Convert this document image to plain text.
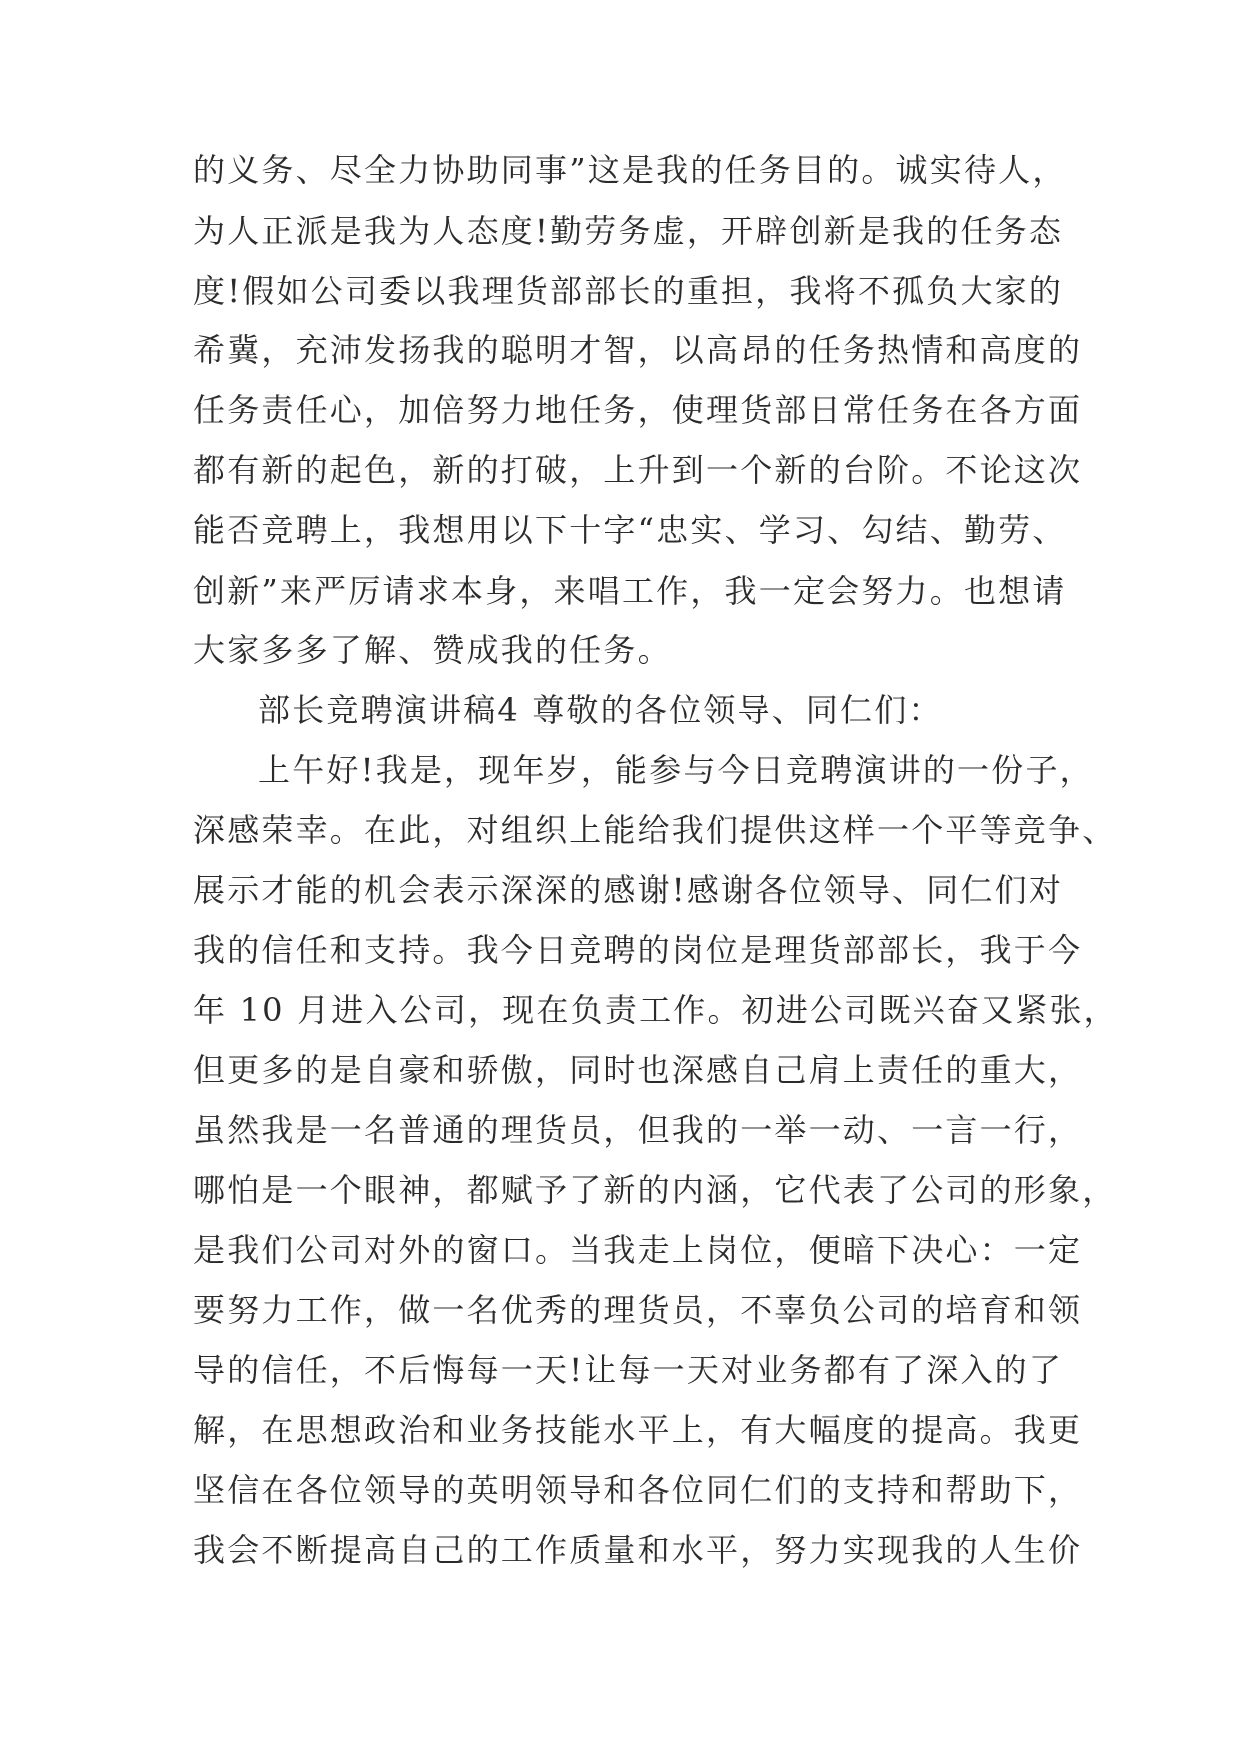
的义务、尽全力协助同事”这是我的任务目的。诚实待人，
为人正派是我为人态度!勤劳务虚，开辟创新是我的任务态
度!假如公司委以我理货部部长的重担，我将不孤负大家的
希冀，充沛发扬我的聪明才智，以高昂的任务热情和高度的
任务责任心，加倍努力地任务，使理货部日常任务在各方面
都有新的起色，新的打破，上升到一个新的台阶。不论这次
能否竞聘上，我想用以下十字“忠实、学习、勾结、勤劳、
创新”来严厉请求本身，来唱工作，我一定会努力。也想请
大家多多了解、赞成我的任务。
部长竞聘演讲稿4 尊敬的各位领导、同仁们：
上午好!我是，现年岁，能参与今日竞聘演讲的一份子，
深感荣幸。在此，对组织上能给我们提供这样一个平等竞争、
展示才能的机会表示深深的感谢!感谢各位领导、同仁们对
我的信任和支持。我今日竞聘的岗位是理货部部长，我于今
年 10 月进入公司，现在负责工作。初进公司既兴奋又紧张，
但更多的是自豪和骄傲，同时也深感自己肩上责任的重大，
虽然我是一名普通的理货员，但我的一举一动、一言一行，
哪怕是一个眼神，都赋予了新的内涵，它代表了公司的形象，
是我们公司对外的窗口。当我走上岗位，便暗下决心：一定
要努力工作，做一名优秀的理货员，不辜负公司的培育和领
导的信任，不后悔每一天!让每一天对业务都有了深入的了
解，在思想政治和业务技能水平上，有大幅度的提高。我更
坚信在各位领导的英明领导和各位同仁们的支持和帮助下，
我会不断提高自己的工作质量和水平，努力实现我的人生价
